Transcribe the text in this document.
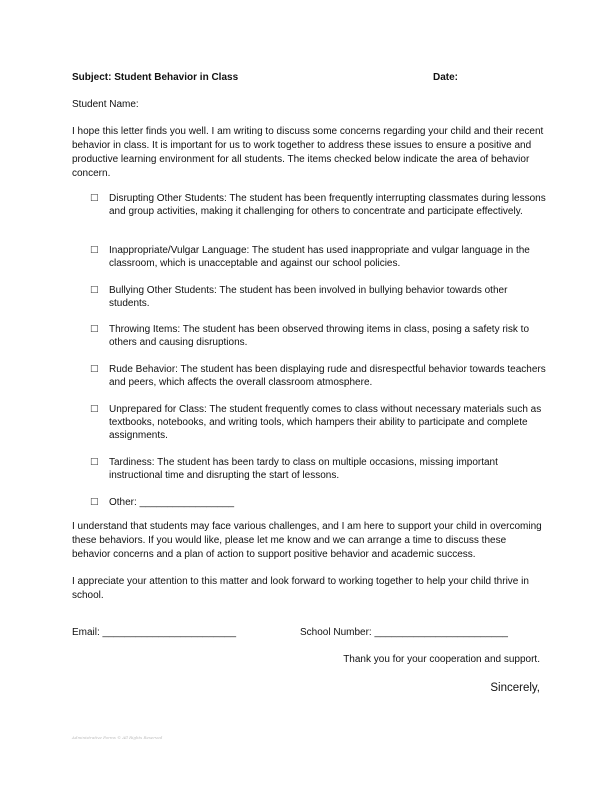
Subject: Student Behavior in Class	Date:
Student Name:
I hope this letter finds you well. I am writing to discuss some concerns regarding your child and their recent behavior in class. It is important for us to work together to address these issues to ensure a positive and productive learning environment for all students. The items checked below indicate the area of behavior concern.
□	Disrupting Other Students: The student has been frequently interrupting classmates during lessons and group activities, making it challenging for others to concentrate and participate effectively.
□	Inappropriate/Vulgar Language: The student has used inappropriate and vulgar language in the classroom, which is unacceptable and against our school policies.
□	Bullying Other Students: The student has been involved in bullying behavior towards other students.
□	Throwing Items: The student has been observed throwing items in class, posing a safety risk to others and causing disruptions.
□	Rude Behavior: The student has been displaying rude and disrespectful behavior towards teachers and peers, which affects the overall classroom atmosphere.
□	Unprepared for Class: The student frequently comes to class without necessary materials such as textbooks, notebooks, and writing tools, which hampers their ability to participate and complete assignments.
□	Tardiness: The student has been tardy to class on multiple occasions, missing important instructional time and disrupting the start of lessons.
□	Other: _________________
I understand that students may face various challenges, and I am here to support your child in overcoming these behaviors. If you would like, please let me know and we can arrange a time to discuss these behavior concerns and a plan of action to support positive behavior and academic success.
I appreciate your attention to this matter and look forward to working together to help your child thrive in school.
Email: ________________________	School Number: ________________________
Thank you for your cooperation and support.
Sincerely,
Administrative Forms © All Rights Reserved
